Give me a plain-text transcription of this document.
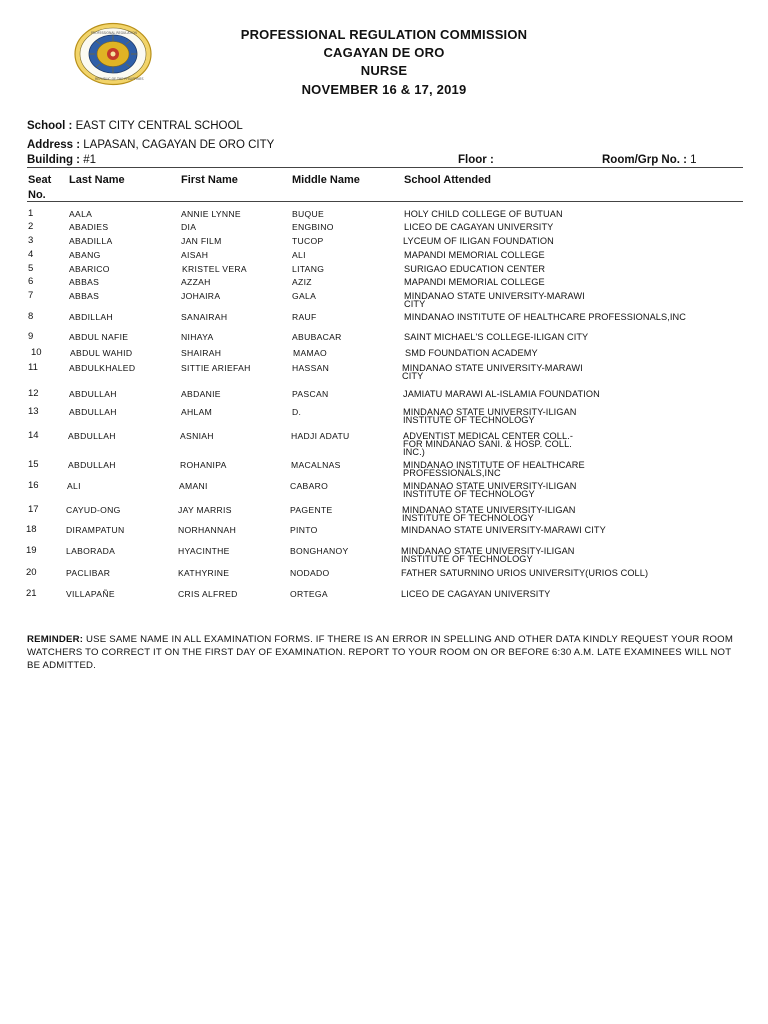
PROFESSIONAL REGULATION
REPUBLIC OF THE PHILIPPINES
PROFESSIONAL REGULATION COMMISSION
CAGAYAN DE ORO
NURSE
NOVEMBER 16 & 17, 2019
School : EAST CITY CENTRAL SCHOOL
Address : LAPASAN, CAGAYAN DE ORO CITY
Building : #1	Floor :	Room/Grp No. : 1
Seat
No.
Last Name	First Name	Middle Name	School Attended
1	AALA	ANNIE LYNNE	BUQUE	HOLY CHILD COLLEGE OF BUTUAN
2	ABADIES	DIA	ENGBINO	LICEO DE CAGAYAN UNIVERSITY
3	ABADILLA	JAN FILM	TUCOP	LYCEUM OF ILIGAN FOUNDATION
4	ABANG	AISAH	ALI	MAPANDI MEMORIAL COLLEGE
5	ABARICO	KRISTEL VERA	LITANG	SURIGAO EDUCATION CENTER
6	ABBAS	AZZAH	AZIZ	MAPANDI MEMORIAL COLLEGE
7	ABBAS	JOHAIRA	GALA	MINDANAO STATE UNIVERSITY-MARAWI
CITY
8	ABDILLAH	SANAIRAH	RAUF	MINDANAO INSTITUTE OF HEALTHCARE PROFESSIONALS,INC
9	ABDUL NAFIE	NIHAYA	ABUBACAR	SAINT MICHAEL'S COLLEGE-ILIGAN CITY
10	ABDUL WAHID	SHAIRAH	MAMAO	SMD FOUNDATION ACADEMY
11	ABDULKHALED	SITTIE ARIEFAH	HASSAN	MINDANAO STATE UNIVERSITY-MARAWI
CITY
12	ABDULLAH	ABDANIE	PASCAN	JAMIATU MARAWI AL-ISLAMIA FOUNDATION
13	ABDULLAH	AHLAM	D.	MINDANAO STATE UNIVERSITY-ILIGAN
INSTITUTE OF TECHNOLOGY
14	ABDULLAH	ASNIAH	HADJI ADATU	ADVENTIST MEDICAL CENTER COLL.-
FOR MINDANAO SANI. & HOSP. COLL.
INC.)
15	ABDULLAH	ROHANIPA	MACALNAS	MINDANAO INSTITUTE OF HEALTHCARE
PROFESSIONALS,INC
16	ALI	AMANI	CABARO	MINDANAO STATE UNIVERSITY-ILIGAN
INSTITUTE OF TECHNOLOGY
17	CAYUD-ONG	JAY MARRIS	PAGENTE	MINDANAO STATE UNIVERSITY-ILIGAN
INSTITUTE OF TECHNOLOGY
18	DIRAMPATUN	NORHANNAH	PINTO	MINDANAO STATE UNIVERSITY-MARAWI CITY
19	LABORADA	HYACINTHE	BONGHANOY	MINDANAO STATE UNIVERSITY-ILIGAN
INSTITUTE OF TECHNOLOGY
20	PACLIBAR	KATHYRINE	NODADO	FATHER SATURNINO URIOS UNIVERSITY(URIOS COLL)
21	VILLAPAÑE	CRIS ALFRED	ORTEGA	LICEO DE CAGAYAN UNIVERSITY
REMINDER: USE SAME NAME IN ALL EXAMINATION FORMS. IF THERE IS AN ERROR IN SPELLING AND OTHER DATA KINDLY REQUEST YOUR ROOM WATCHERS TO CORRECT IT ON THE FIRST DAY OF EXAMINATION. REPORT TO YOUR ROOM ON OR BEFORE 6:30 A.M. LATE EXAMINEES WILL NOT BE ADMITTED.
